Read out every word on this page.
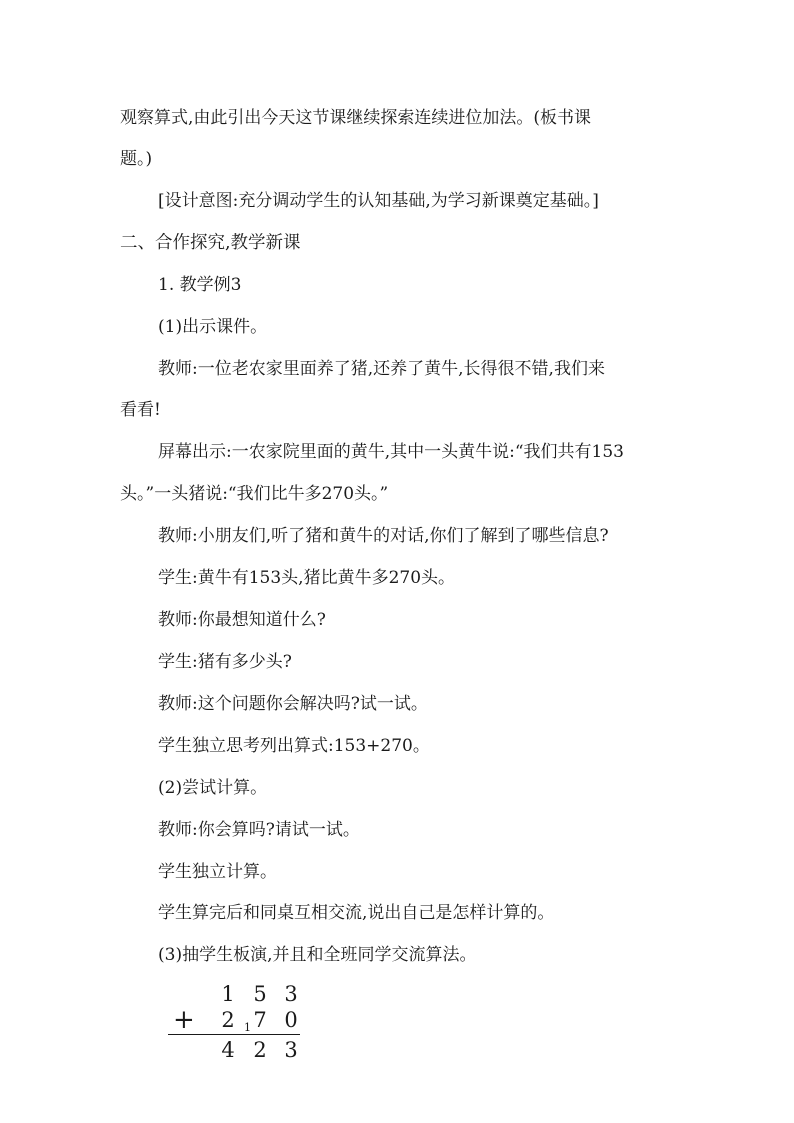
观察算式,由此引出今天这节课继续探索连续进位加法。(板书课
题。)
[设计意图:充分调动学生的认知基础,为学习新课奠定基础。]
二、合作探究,教学新课
1. 教学例3
(1)出示课件。
教师:一位老农家里面养了猪,还养了黄牛,长得很不错,我们来
看看!
屏幕出示:一农家院里面的黄牛,其中一头黄牛说:“我们共有153
头。”一头猪说:“我们比牛多270头。”
教师:小朋友们,听了猪和黄牛的对话,你们了解到了哪些信息?
学生:黄牛有153头,猪比黄牛多270头。
教师:你最想知道什么?
学生:猪有多少头?
教师:这个问题你会解决吗?试一试。
学生独立思考列出算式:153+270。
(2)尝试计算。
教师:你会算吗?请试一试。
学生独立计算。
学生算完后和同桌互相交流,说出自己是怎样计算的。
(3)抽学生板演,并且和全班同学交流算法。
1 5 3
+ 2 1 7 0
4 2 3
